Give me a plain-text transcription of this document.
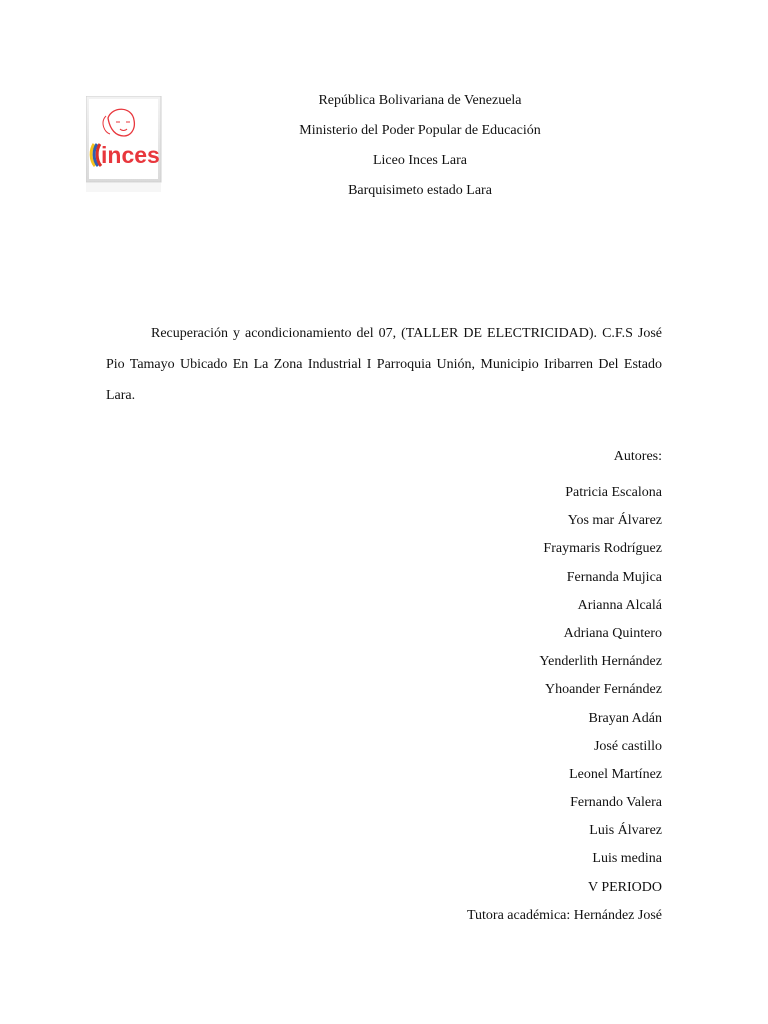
inces
República Bolivariana de Venezuela
Ministerio del Poder Popular de Educación
Liceo Inces Lara
Barquisimeto estado Lara
Recuperación y acondicionamiento del 07, (TALLER DE ELECTRICIDAD). C.F.S José Pio Tamayo Ubicado En La Zona Industrial I Parroquia Unión, Municipio Iribarren Del Estado Lara.
Autores:
Patricia Escalona
Yos mar Álvarez
Fraymaris Rodríguez
Fernanda Mujica
Arianna Alcalá
Adriana Quintero
Yenderlith Hernández
Yhoander Fernández
Brayan Adán
José castillo
Leonel Martínez
Fernando Valera
Luis Álvarez
Luis medina
V PERIODO
Tutora académica: Hernández José
